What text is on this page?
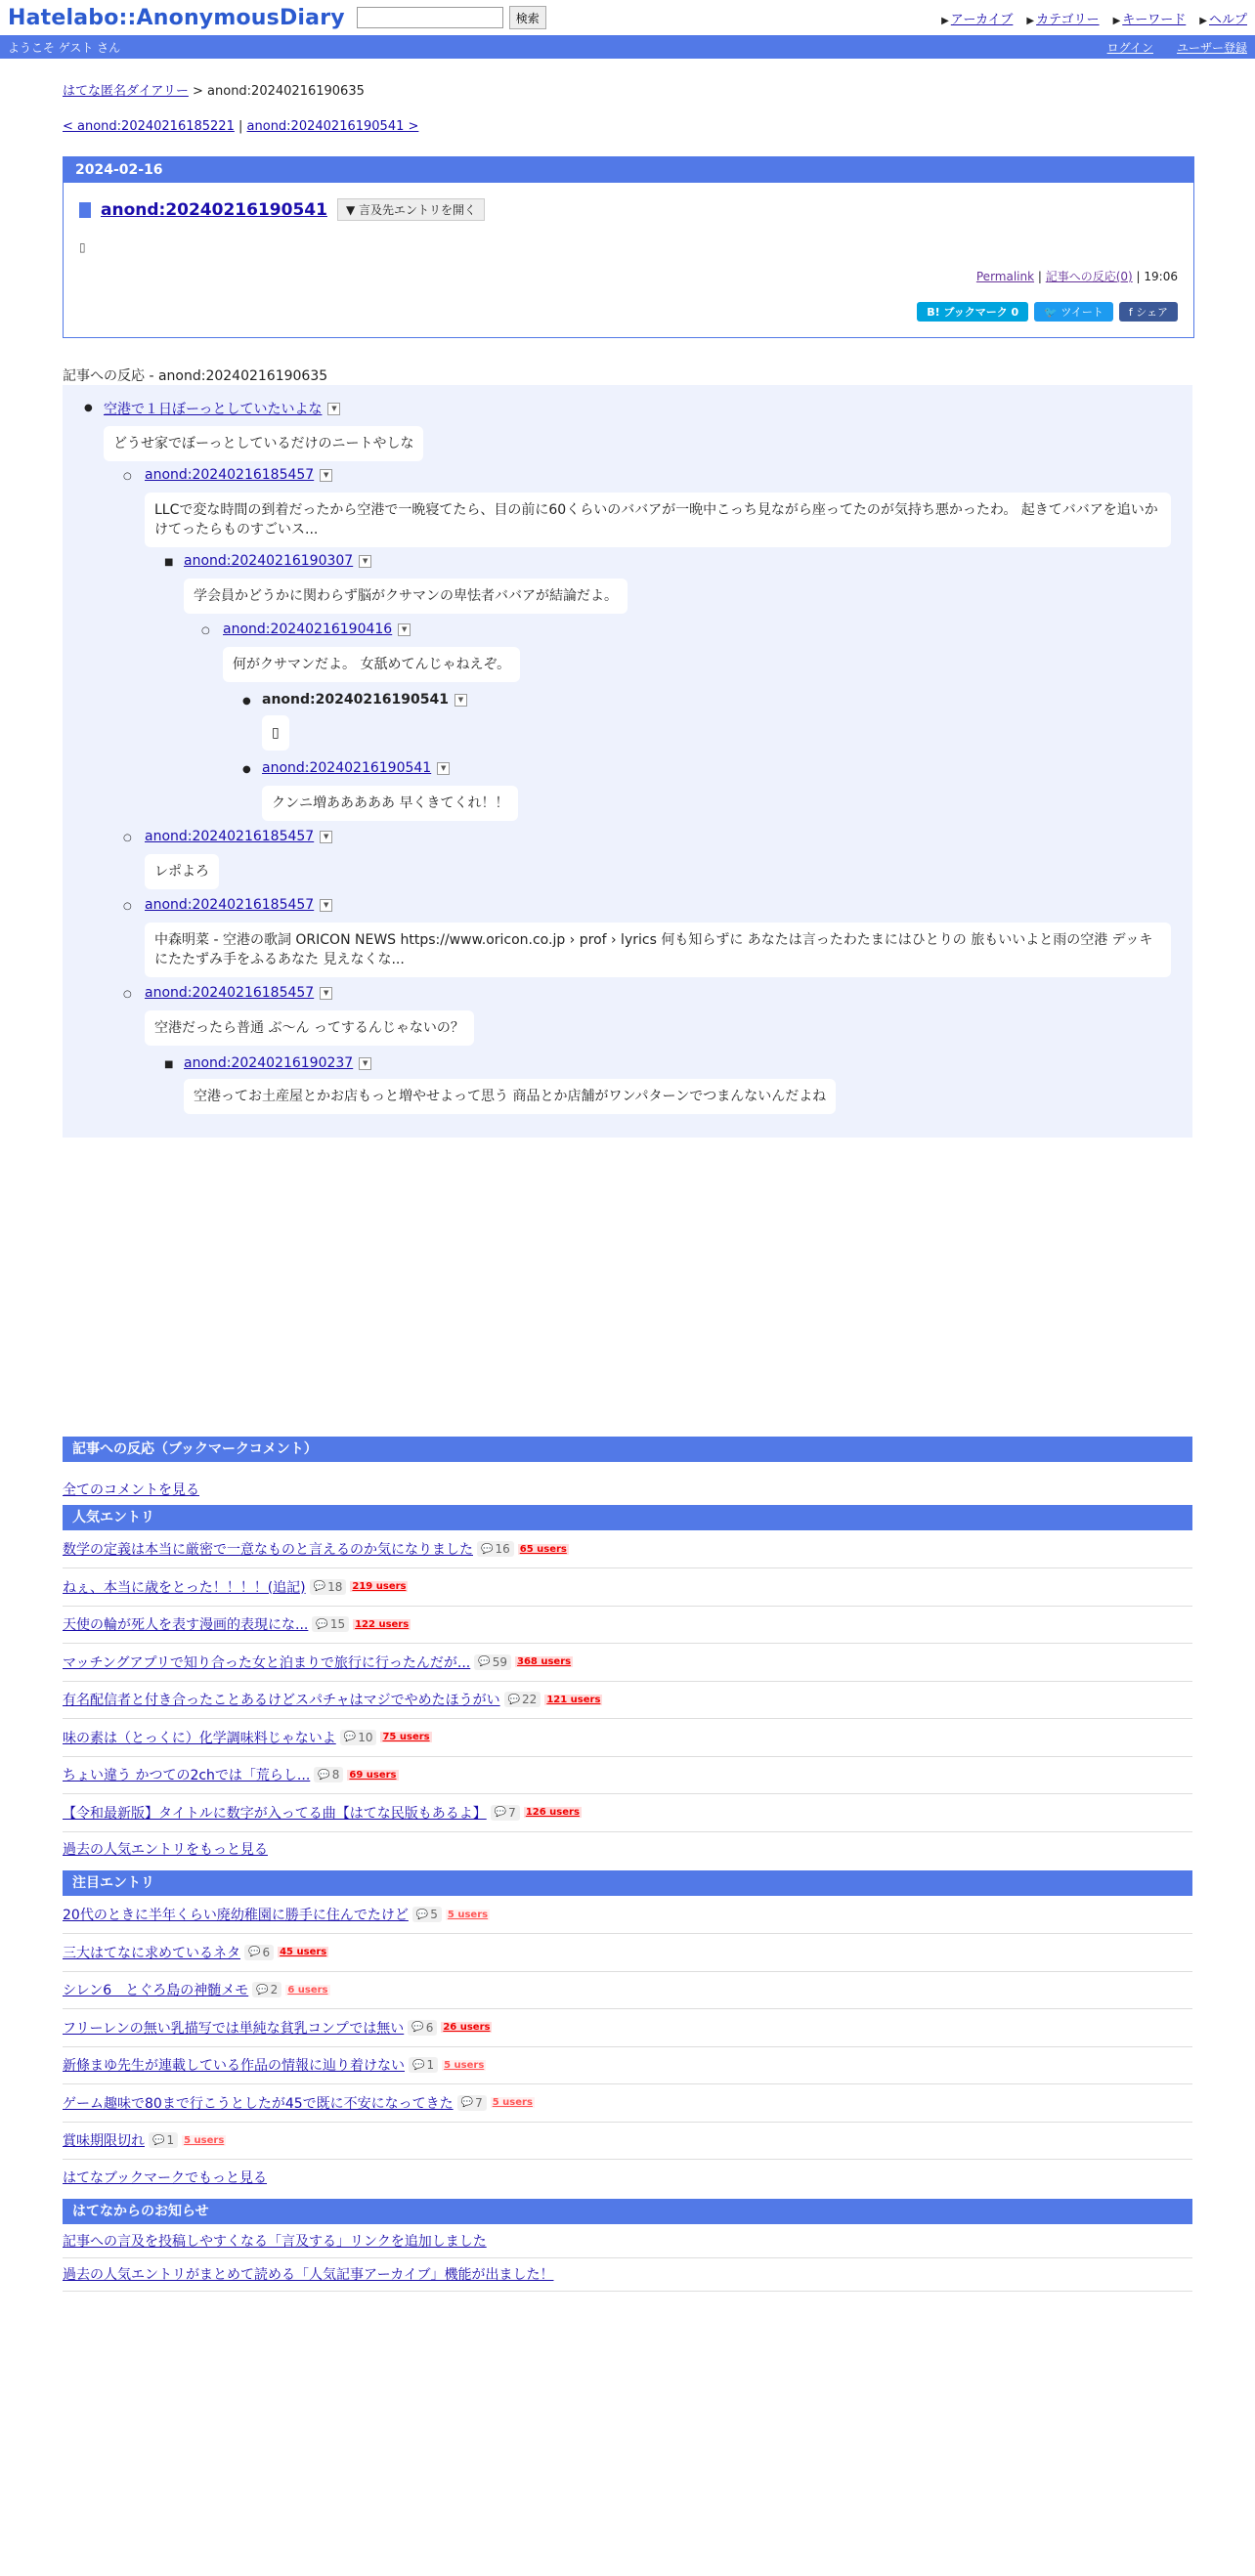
Hatelabo::AnonymousDiary	検索	▶ アーカイブ ▶ カテゴリー ▶ キーワード ▶ ヘルプ
ようこそ ゲスト さん	ログイン ユーザー登録
はてな匿名ダイアリー > anond:20240216190635
< anond:20240216185221 | anond:20240216190541 >
2024-02-16
anond:20240216190541	▼ 言及先エントリを開く
▯
Permalink | 記事への反応(0) | 19:06
B! ブックマーク 0	🐦 ツイート f シェア
記事への反応 - anond:20240216190635
● 空港で１日ぼーっとしていたいよな	▼
どうせ家でぼーっとしているだけのニートやしな
○ anond:20240216185457	▼
LLCで変な時間の到着だったから空港で一晩寝てたら、目の前に60くらいのババアが一晩中こっち見ながら座ってたのが気持ち悪かったわ。 起きてババアを追いかけてったらものすごいス...
■ anond:20240216190307	▼
学会員かどうかに関わらず脳がクサマンの卑怯者ババアが結論だよ。
○ anond:20240216190416	▼
何がクサマンだよ。 女舐めてんじゃねえぞ。
● anond:20240216190541	▼
▯
● anond:20240216190541	▼
クンニ増あああああ 早くきてくれ！！
○ anond:20240216185457	▼
レポよろ
○ anond:20240216185457	▼
中森明菜 - 空港の歌詞 ORICON NEWS https://www.oricon.co.jp › prof › lyrics 何も知らずに あなたは言ったわたまにはひとりの 旅もいいよと雨の空港 デッキにたたずみ手をふるあなた 見えなくな...
○ anond:20240216185457	▼
空港だったら普通 ぶ〜ん ってするんじゃないの？
■ anond:20240216190237	▼
空港ってお土産屋とかお店もっと増やせよって思う 商品とか店舗がワンパターンでつまんないんだよね
記事への反応（ブックマークコメント）
全てのコメントを見る
人気エントリ
数学の定義は本当に厳密で一意なものと言えるのか気になりました 💬 16 65 users
ねぇ、本当に歳をとった！！！！(追記) 💬 18 219 users
天使の輪が死人を表す漫画的表現にな... 💬 15 122 users
マッチングアプリで知り合った女と泊まりで旅行に行ったんだが... 💬 59 368 users
有名配信者と付き合ったことあるけどスパチャはマジでやめたほうがい 💬 22 121 users
味の素は（とっくに）化学調味料じゃないよ 💬 10 75 users
ちょい違う かつての2chでは「荒らし... 💬 8 69 users
【令和最新版】タイトルに数字が入ってる曲【はてな民版もあるよ】 💬 7 126 users
過去の人気エントリをもっと見る
注目エントリ
20代のときに半年くらい廃幼稚園に勝手に住んでたけど 💬 5 5 users
三大はてなに求めているネタ 💬 6 45 users
シレン6　とぐろ島の神髄メモ 💬 2 6 users
フリーレンの無い乳描写では単純な貧乳コンプでは無い 💬 6 26 users
新條まゆ先生が連載している作品の情報に辿り着けない 💬 1 5 users
ゲーム趣味で80まで行こうとしたが45で既に不安になってきた 💬 7 5 users
賞味期限切れ 💬 1 5 users
はてなブックマークでもっと見る
はてなからのお知らせ
記事への言及を投稿しやすくなる「言及する」リンクを追加しました
過去の人気エントリがまとめて読める「人気記事アーカイブ」機能が出ました！
